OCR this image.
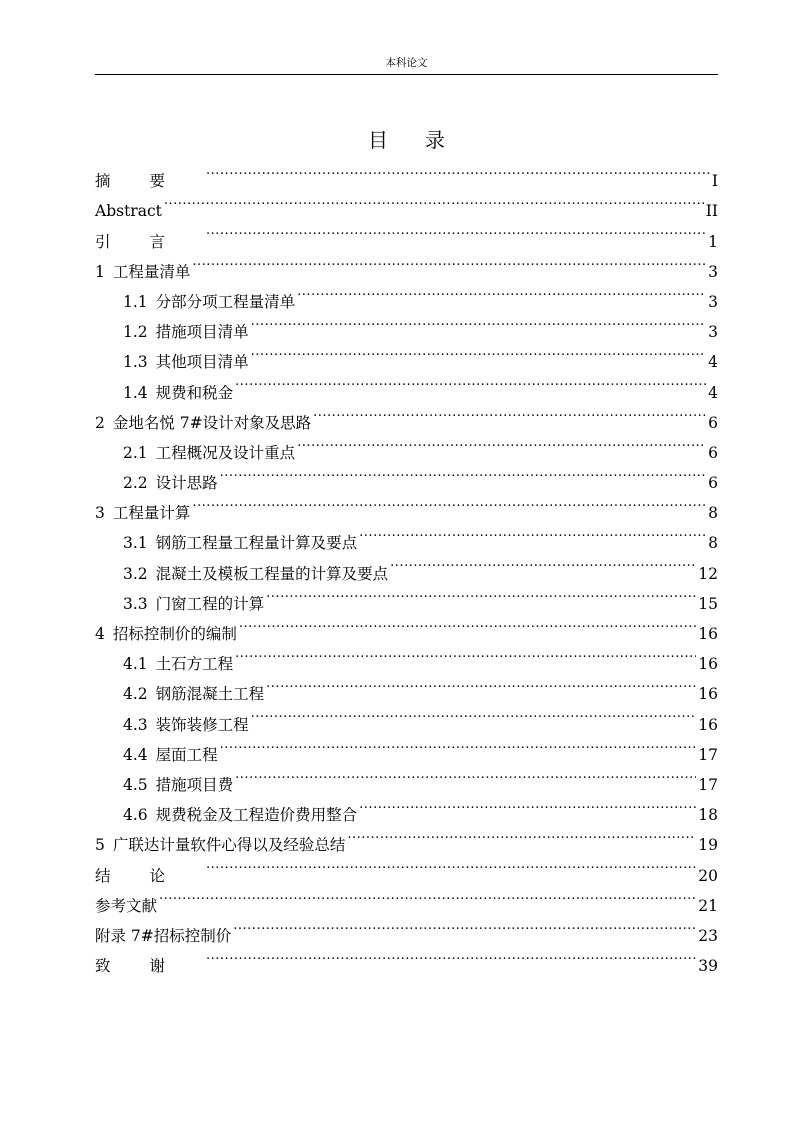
本科论文
目录
摘要 .....	I
Abstract .....	II
引言 .....	1
1 工程量清单 .....	3
1.1 分部分项工程量清单 .....	3
1.2 措施项目清单 .....	3
1.3 其他项目清单 .....	4
1.4 规费和税金 .....	4
2 金地名悦 7#设计对象及思路 .....	6
2.1 工程概况及设计重点 .....	6
2.2 设计思路 .....	6
3 工程量计算 .....	8
3.1 钢筋工程量工程量计算及要点 .....	8
3.2 混凝土及模板工程量的计算及要点 .....	12
3.3 门窗工程的计算 .....	15
4 招标控制价的编制 .....	16
4.1 土石方工程 .....	16
4.2 钢筋混凝土工程 .....	16
4.3 装饰装修工程 .....	16
4.4 屋面工程 .....	17
4.5 措施项目费 .....	17
4.6 规费税金及工程造价费用整合 .....	18
5 广联达计量软件心得以及经验总结 .....	19
结论 .....	20
参考文献 .....	21
附录 7#招标控制价 .....	23
致谢 .....	39
